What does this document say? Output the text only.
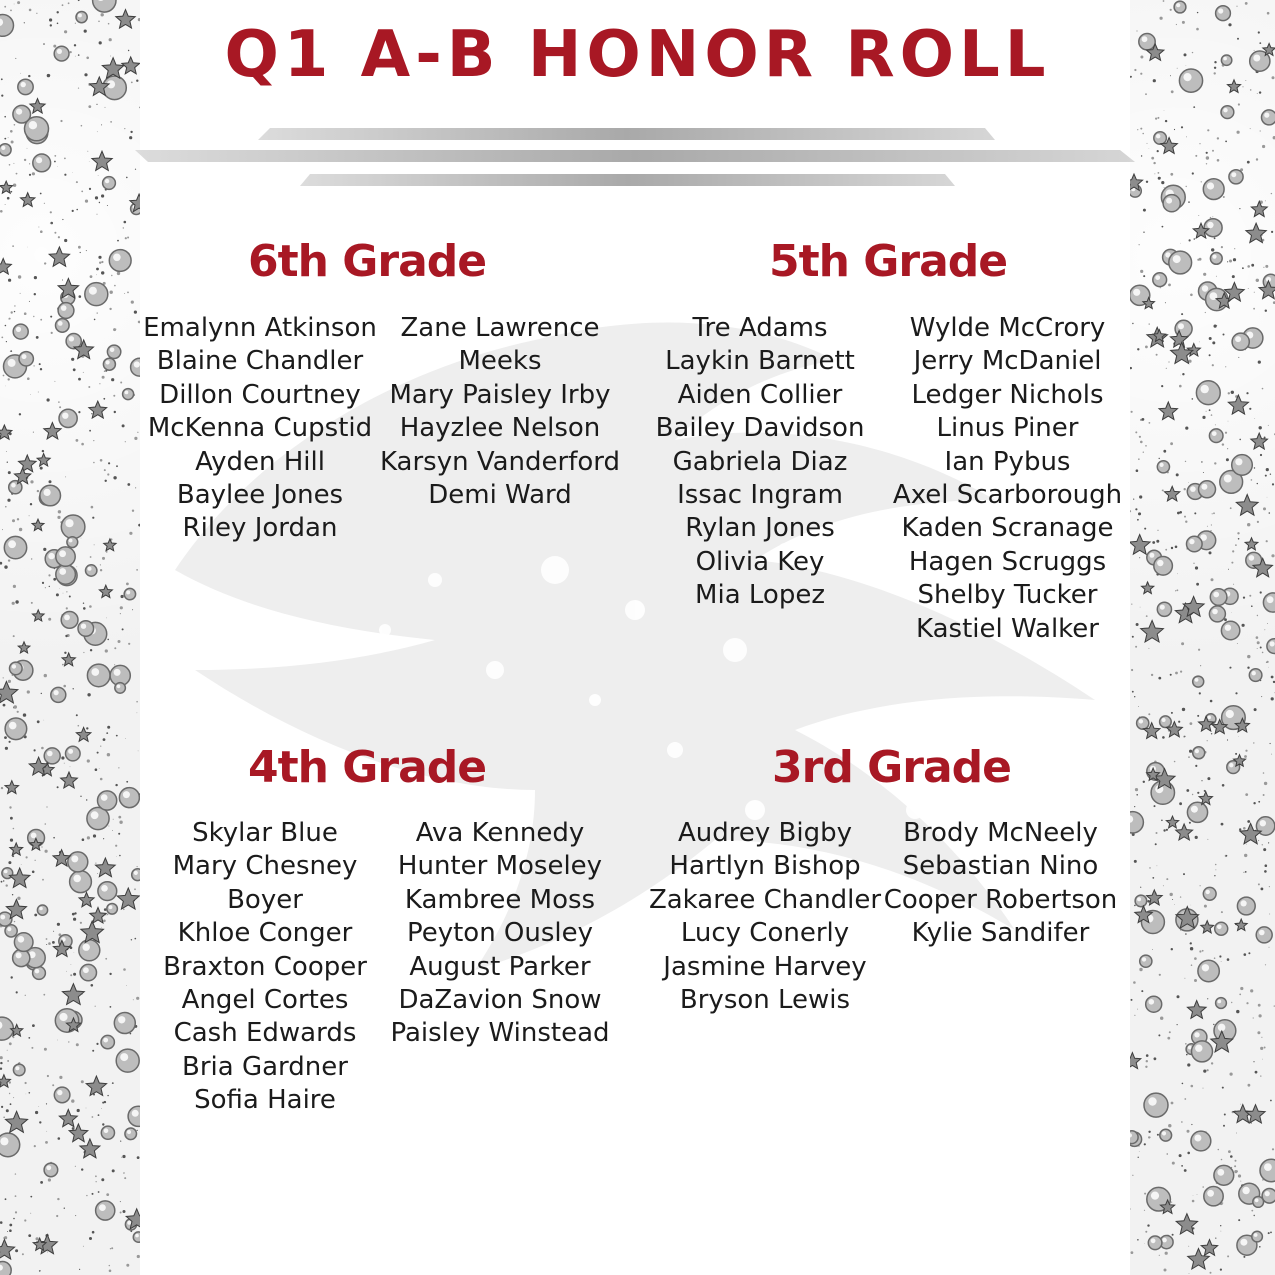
Q1 A-B HONOR ROLL
6th Grade
Emalynn Atkinson
Blaine Chandler
Dillon Courtney
McKenna Cupstid
Ayden Hill
Baylee Jones
Riley Jordan
Zane Lawrence
Meeks
Mary Paisley Irby
Hayzlee Nelson
Karsyn Vanderford
Demi Ward
5th Grade
Tre Adams
Laykin Barnett
Aiden Collier
Bailey Davidson
Gabriela Diaz
Issac Ingram
Rylan Jones
Olivia Key
Mia Lopez
Wylde McCrory
Jerry McDaniel
Ledger Nichols
Linus Piner
Ian Pybus
Axel Scarborough
Kaden Scranage
Hagen Scruggs
Shelby Tucker
Kastiel Walker
4th Grade
Skylar Blue
Mary Chesney
Boyer
Khloe Conger
Braxton Cooper
Angel Cortes
Cash Edwards
Bria Gardner
Sofia Haire
Ava Kennedy
Hunter Moseley
Kambree Moss
Peyton Ousley
August Parker
DaZavion Snow
Paisley Winstead
3rd Grade
Audrey Bigby
Hartlyn Bishop
Zakaree Chandler
Lucy Conerly
Jasmine Harvey
Bryson Lewis
Brody McNeely
Sebastian Nino
Cooper Robertson
Kylie Sandifer
